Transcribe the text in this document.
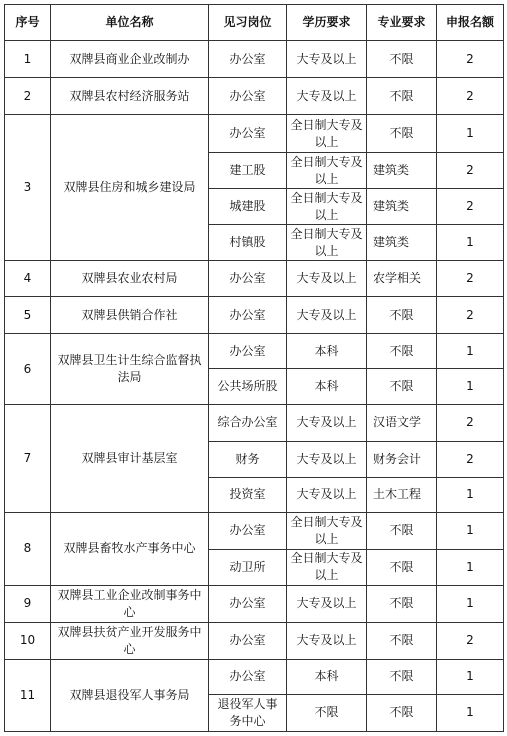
序号	单位名称	见习岗位	学历要求	专业要求	申报名额
1	双牌县商业企业改制办	办公室	大专及以上	不限	2
2	双牌县农村经济服务站	办公室	大专及以上	不限	2
3	双牌县住房和城乡建设局	办公室	全日制大专及以上	不限	1
		建工股	全日制大专及以上	建筑类	2
		城建股	全日制大专及以上	建筑类	2
		村镇股	全日制大专及以上	建筑类	1
4	双牌县农业农村局	办公室	大专及以上	农学相关	2
5	双牌县供销合作社	办公室	大专及以上	不限	2
6	双牌县卫生计生综合监督执法局	办公室	本科	不限	1
		公共场所股	本科	不限	1
7	双牌县审计基层室	综合办公室	大专及以上	汉语文学	2
		财务	大专及以上	财务会计	2
		投资室	大专及以上	土木工程	1
8	双牌县畜牧水产事务中心	办公室	全日制大专及以上	不限	1
		动卫所	全日制大专及以上	不限	1
9	双牌县工业企业改制事务中心	办公室	大专及以上	不限	1
10	双牌县扶贫产业开发服务中心	办公室	大专及以上	不限	2
11	双牌县退役军人事务局	办公室	本科	不限	1
		退役军人事务中心	不限	不限	1
